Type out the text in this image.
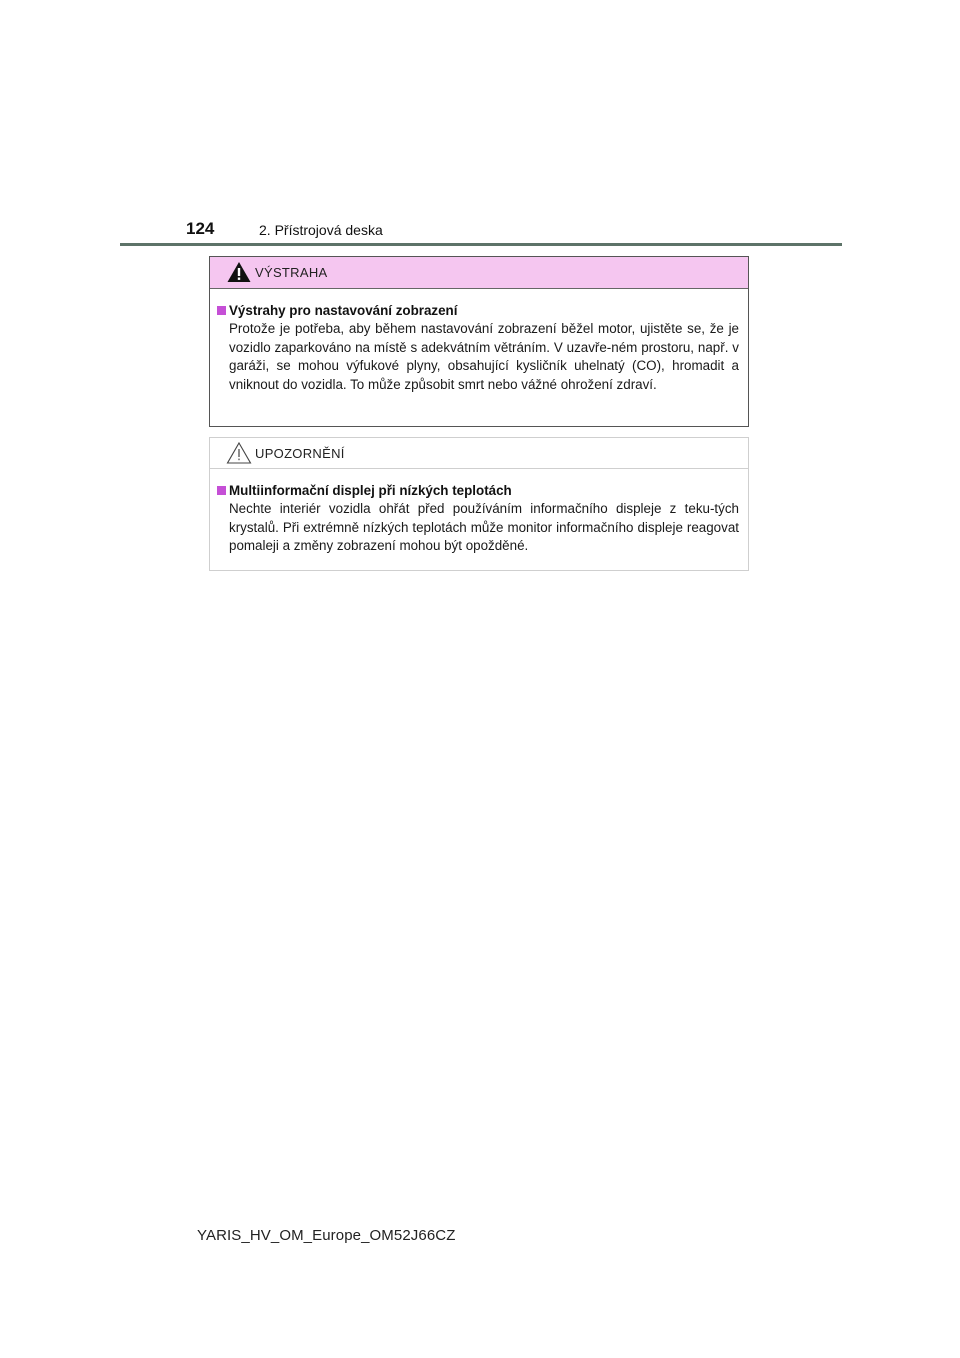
124	2. Přístrojová deska
VÝSTRAHA
Výstrahy pro nastavování zobrazení
Protože je potřeba, aby během nastavování zobrazení běžel motor, ujistěte se, že je vozidlo zaparkováno na místě s adekvátním větráním. V uzavře-ném prostoru, např. v garáži, se mohou výfukové plyny, obsahující kysličník uhelnatý (CO), hromadit a vniknout do vozidla. To může způsobit smrt nebo vážné ohrožení zdraví.
UPOZORNĚNÍ
Multiinformační displej při nízkých teplotách
Nechte interiér vozidla ohřát před používáním informačního displeje z teku-tých krystalů. Při extrémně nízkých teplotách může monitor informačního displeje reagovat pomaleji a změny zobrazení mohou být opožděné.
YARIS_HV_OM_Europe_OM52J66CZ
